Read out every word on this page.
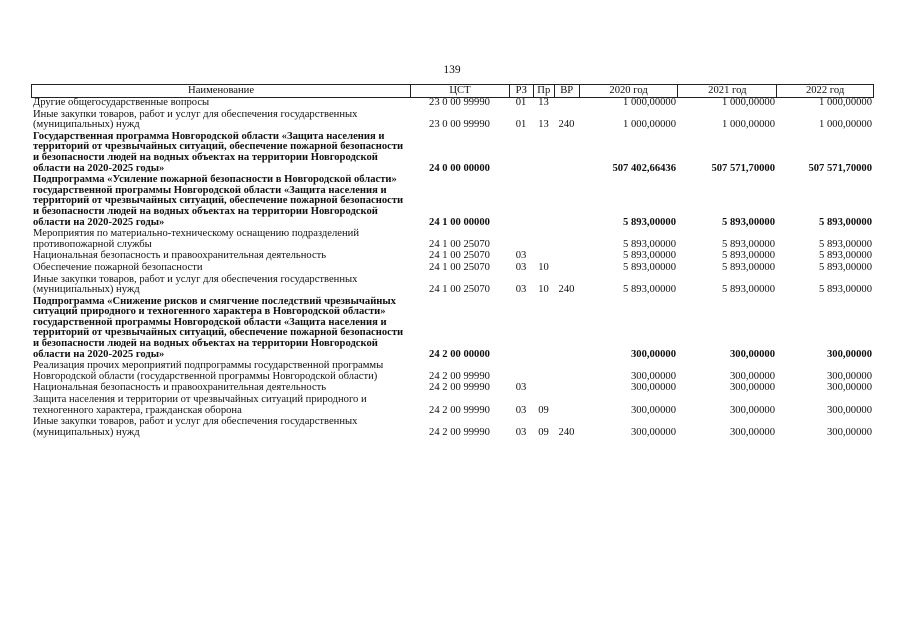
139
Наименование	ЦСТ	РЗ Пр ВР	2020 год	2021 год	2022 год
Другие общегосударственные вопросы	23 0 00 99990	01	13	1 000,00000	1 000,00000	1 000,00000
Иные закупки товаров, работ и услуг для обеспечения государственных (муниципальных) нужд	23 0 00 99990	01	13 240	1 000,00000	1 000,00000	1 000,00000
Государственная программа Новгородской области «Защита населения и территорий от чрезвычайных ситуаций, обеспечение пожарной безопасности и безопасности людей на водных объектах на территории Новгородской области на 2020-2025 годы»	24 0 00 00000	507 402,66436	507 571,70000	507 571,70000
Подпрограмма «Усиление пожарной безопасности в Новгородской области» государственной программы Новгородской области «Защита населения и территорий от чрезвычайных ситуаций, обеспечение пожарной безопасности и безопасности людей на водных объектах на территории Новгородской области на 2020-2025 годы»	24 1 00 00000	5 893,00000	5 893,00000	5 893,00000
Мероприятия по материально-техническому оснащению подразделений противопожарной службы	24 1 00 25070	5 893,00000	5 893,00000	5 893,00000
Национальная безопасность и правоохранительная деятельность	24 1 00 25070	03	5 893,00000	5 893,00000	5 893,00000
Обеспечение пожарной безопасности	24 1 00 25070	03	10	5 893,00000	5 893,00000	5 893,00000
Иные закупки товаров, работ и услуг для обеспечения государственных (муниципальных) нужд	24 1 00 25070	03	10 240	5 893,00000	5 893,00000	5 893,00000
Подпрограмма «Снижение рисков и смягчение последствий чрезвычайных ситуаций природного и техногенного характера в Новгородской области» государственной программы Новгородской области «Защита населения и территорий от чрезвычайных ситуаций, обеспечение пожарной безопасности и безопасности людей на водных объектах на территории Новгородской области на 2020-2025 годы»	24 2 00 00000	300,00000	300,00000	300,00000
Реализация прочих мероприятий подпрограммы государственной программы Новгородской области (государственной программы Новгородской области)	24 2 00 99990	300,00000	300,00000	300,00000
Национальная безопасность и правоохранительная деятельность	24 2 00 99990	03	300,00000	300,00000	300,00000
Защита населения и территории от чрезвычайных ситуаций природного и техногенного характера, гражданская оборона	24 2 00 99990	03	09	300,00000	300,00000	300,00000
Иные закупки товаров, работ и услуг для обеспечения государственных (муниципальных) нужд	24 2 00 99990	03	09 240	300,00000	300,00000	300,00000
